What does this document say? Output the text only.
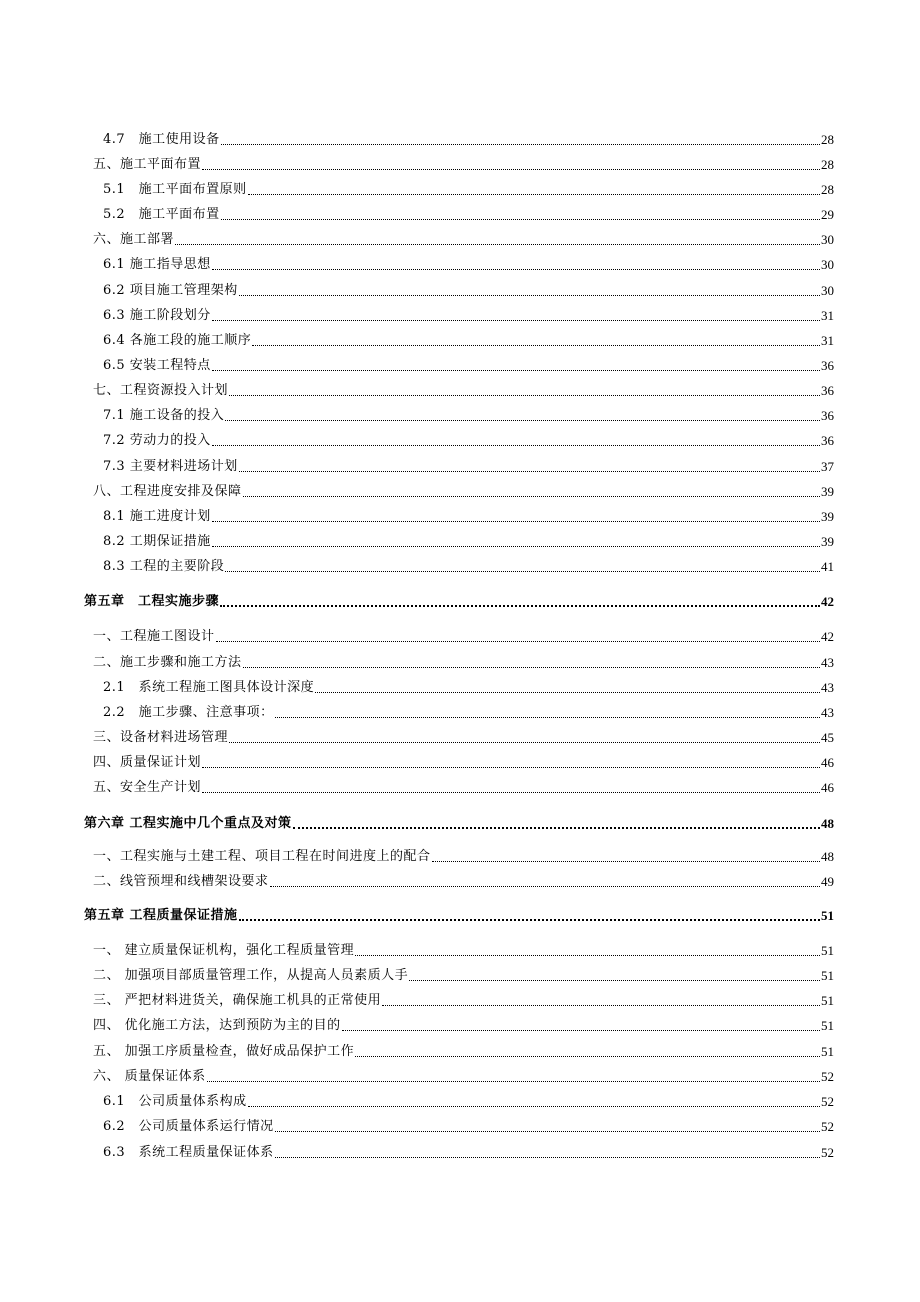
4.7　施工使用设备	28
五、施工平面布置	28
5.1　施工平面布置原则	28
5.2　施工平面布置	29
六、施工部署	30
6.1 施工指导思想	30
6.2 项目施工管理架构	30
6.3 施工阶段划分	31
6.4 各施工段的施工顺序	31
6.5 安装工程特点	36
七、工程资源投入计划	36
7.1 施工设备的投入	36
7.2 劳动力的投入	36
7.3 主要材料进场计划	37
八、工程进度安排及保障	39
8.1 施工进度计划	39
8.2 工期保证措施	39
8.3 工程的主要阶段	41
第五章　工程实施步骤	42
一、工程施工图设计	42
二、施工步骤和施工方法	43
2.1　系统工程施工图具体设计深度	43
2.2　施工步骤、注意事项：	43
三、设备材料进场管理	45
四、质量保证计划	46
五、安全生产计划	46
第六章 工程实施中几个重点及对策	48
一、工程实施与土建工程、项目工程在时间进度上的配合	48
二、线管预埋和线槽架设要求	49
第五章 工程质量保证措施	51
一、 建立质量保证机构，强化工程质量管理	51
二、 加强项目部质量管理工作，从提高人员素质人手	51
三、 严把材料进货关，确保施工机具的正常使用	51
四、 优化施工方法，达到预防为主的目的	51
五、 加强工序质量检查，做好成品保护工作	51
六、 质量保证体系	52
6.1　公司质量体系构成	52
6.2　公司质量体系运行情况	52
6.3　系统工程质量保证体系	52
